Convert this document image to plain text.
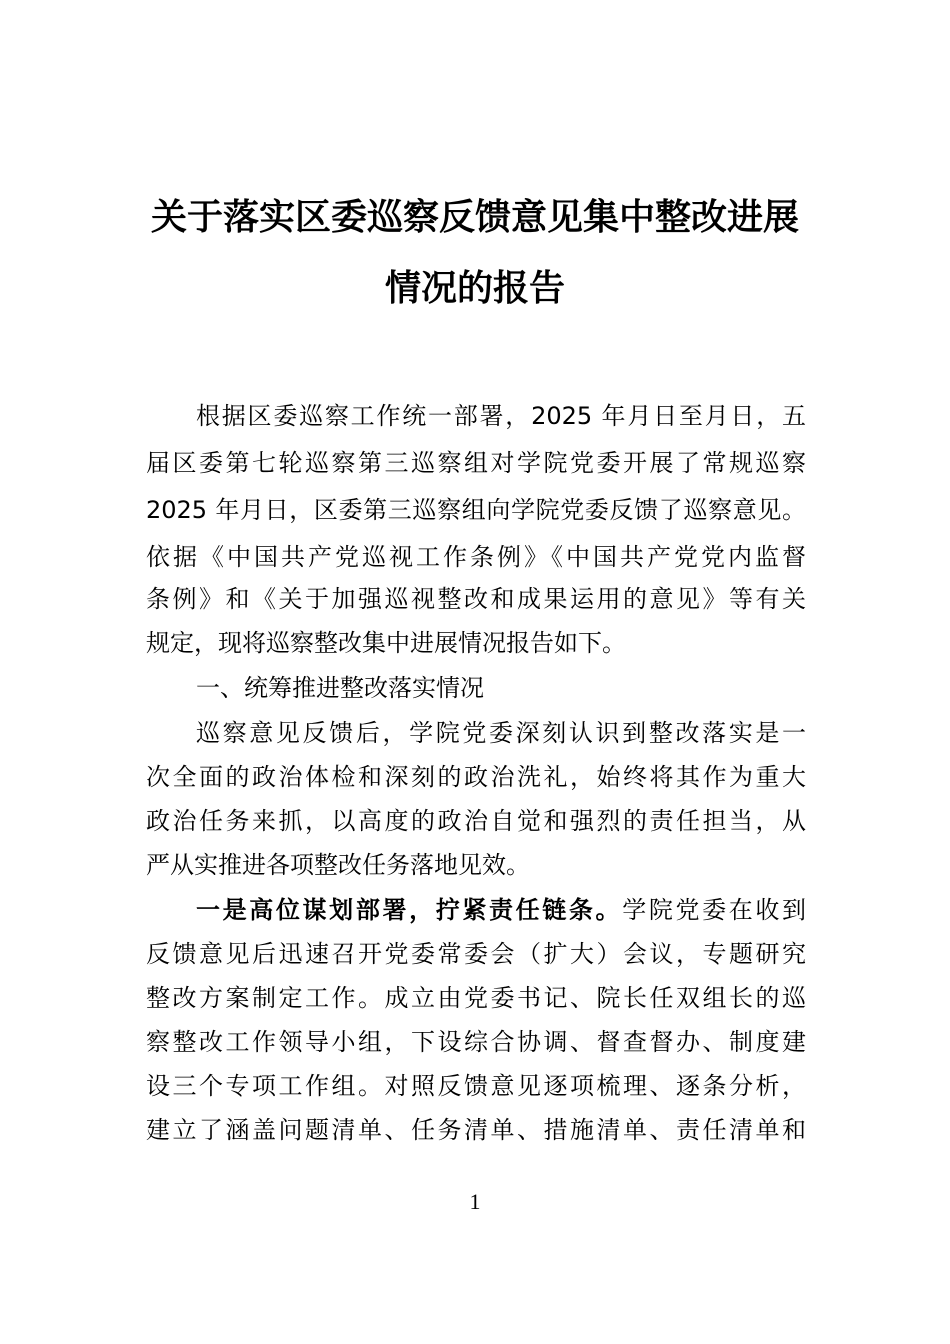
关于落实区委巡察反馈意见集中整改进展
情况的报告
根据区委巡察工作统一部署，2025 年月日至月日，五
届区委第七轮巡察第三巡察组对学院党委开展了常规巡察
2025 年月日，区委第三巡察组向学院党委反馈了巡察意见。
依据《中国共产党巡视工作条例》《中国共产党党内监督
条例》和《关于加强巡视整改和成果运用的意见》等有关
规定，现将巡察整改集中进展情况报告如下。
一、统筹推进整改落实情况
巡察意见反馈后，学院党委深刻认识到整改落实是一
次全面的政治体检和深刻的政治洗礼，始终将其作为重大
政治任务来抓，以高度的政治自觉和强烈的责任担当，从
严从实推进各项整改任务落地见效。
一是高位谋划部署，拧紧责任链条。学院党委在收到
反馈意见后迅速召开党委常委会（扩大）会议，专题研究
整改方案制定工作。成立由党委书记、院长任双组长的巡
察整改工作领导小组，下设综合协调、督查督办、制度建
设三个专项工作组。对照反馈意见逐项梳理、逐条分析，
建立了涵盖问题清单、任务清单、措施清单、责任清单和
1
